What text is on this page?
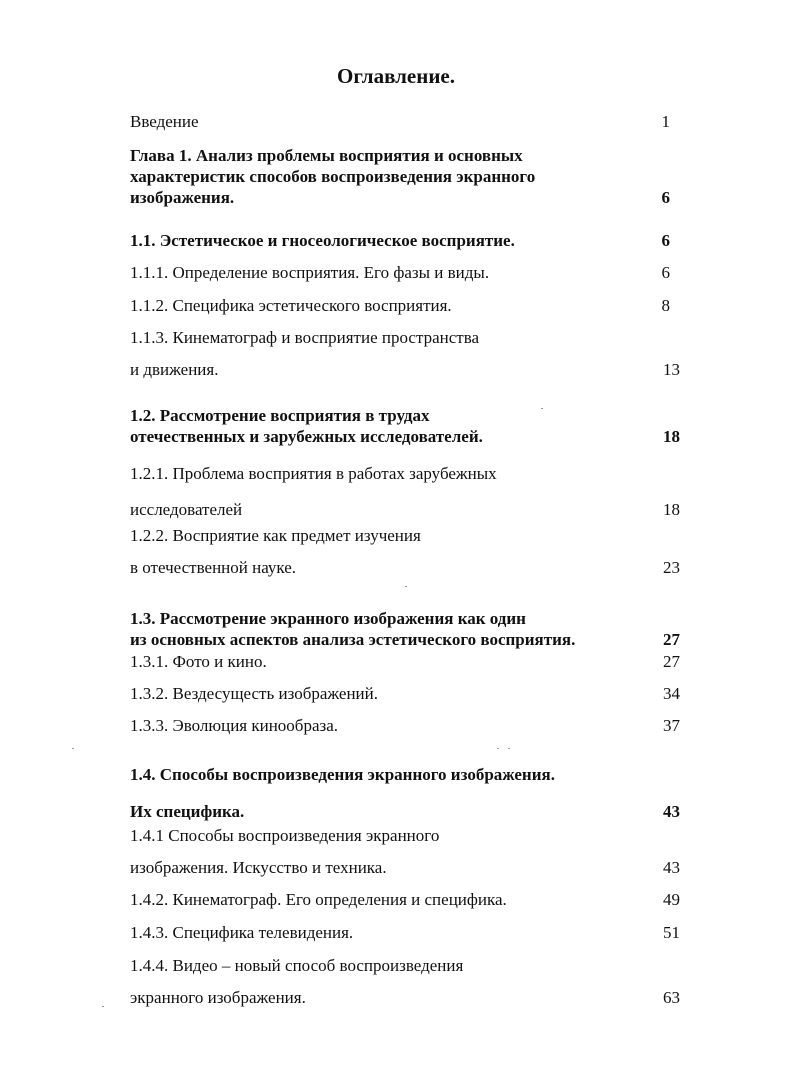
Оглавление.
Введение	1
Глава 1. Анализ проблемы восприятия и основных
характеристик способов воспроизведения экранного
изображения.	6
1.1. Эстетическое и гносеологическое восприятие.	6
1.1.1. Определение восприятия. Его фазы и виды.	6
1.1.2. Специфика эстетического восприятия.	8
1.1.3. Кинематограф и восприятие пространства
и движения.	13
1.2. Рассмотрение восприятия в трудах
отечественных и зарубежных исследователей.	18
1.2.1. Проблема восприятия в работах зарубежных
исследователей	18
1.2.2. Восприятие как предмет изучения
в отечественной науке.	23
1.3. Рассмотрение экранного изображения как один
из основных аспектов анализа эстетического восприятия.	27
1.3.1. Фото и кино.	27
1.3.2. Вездесущесть изображений.	34
1.3.3. Эволюция кинообраза.	37
1.4. Способы воспроизведения экранного изображения.
Их специфика.	43
1.4.1 Способы воспроизведения экранного
изображения. Искусство и техника.	43
1.4.2. Кинематограф. Его определения и специфика.	49
1.4.3. Специфика телевидения.	51
1.4.4. Видео – новый способ воспроизведения
экранного изображения.	63
